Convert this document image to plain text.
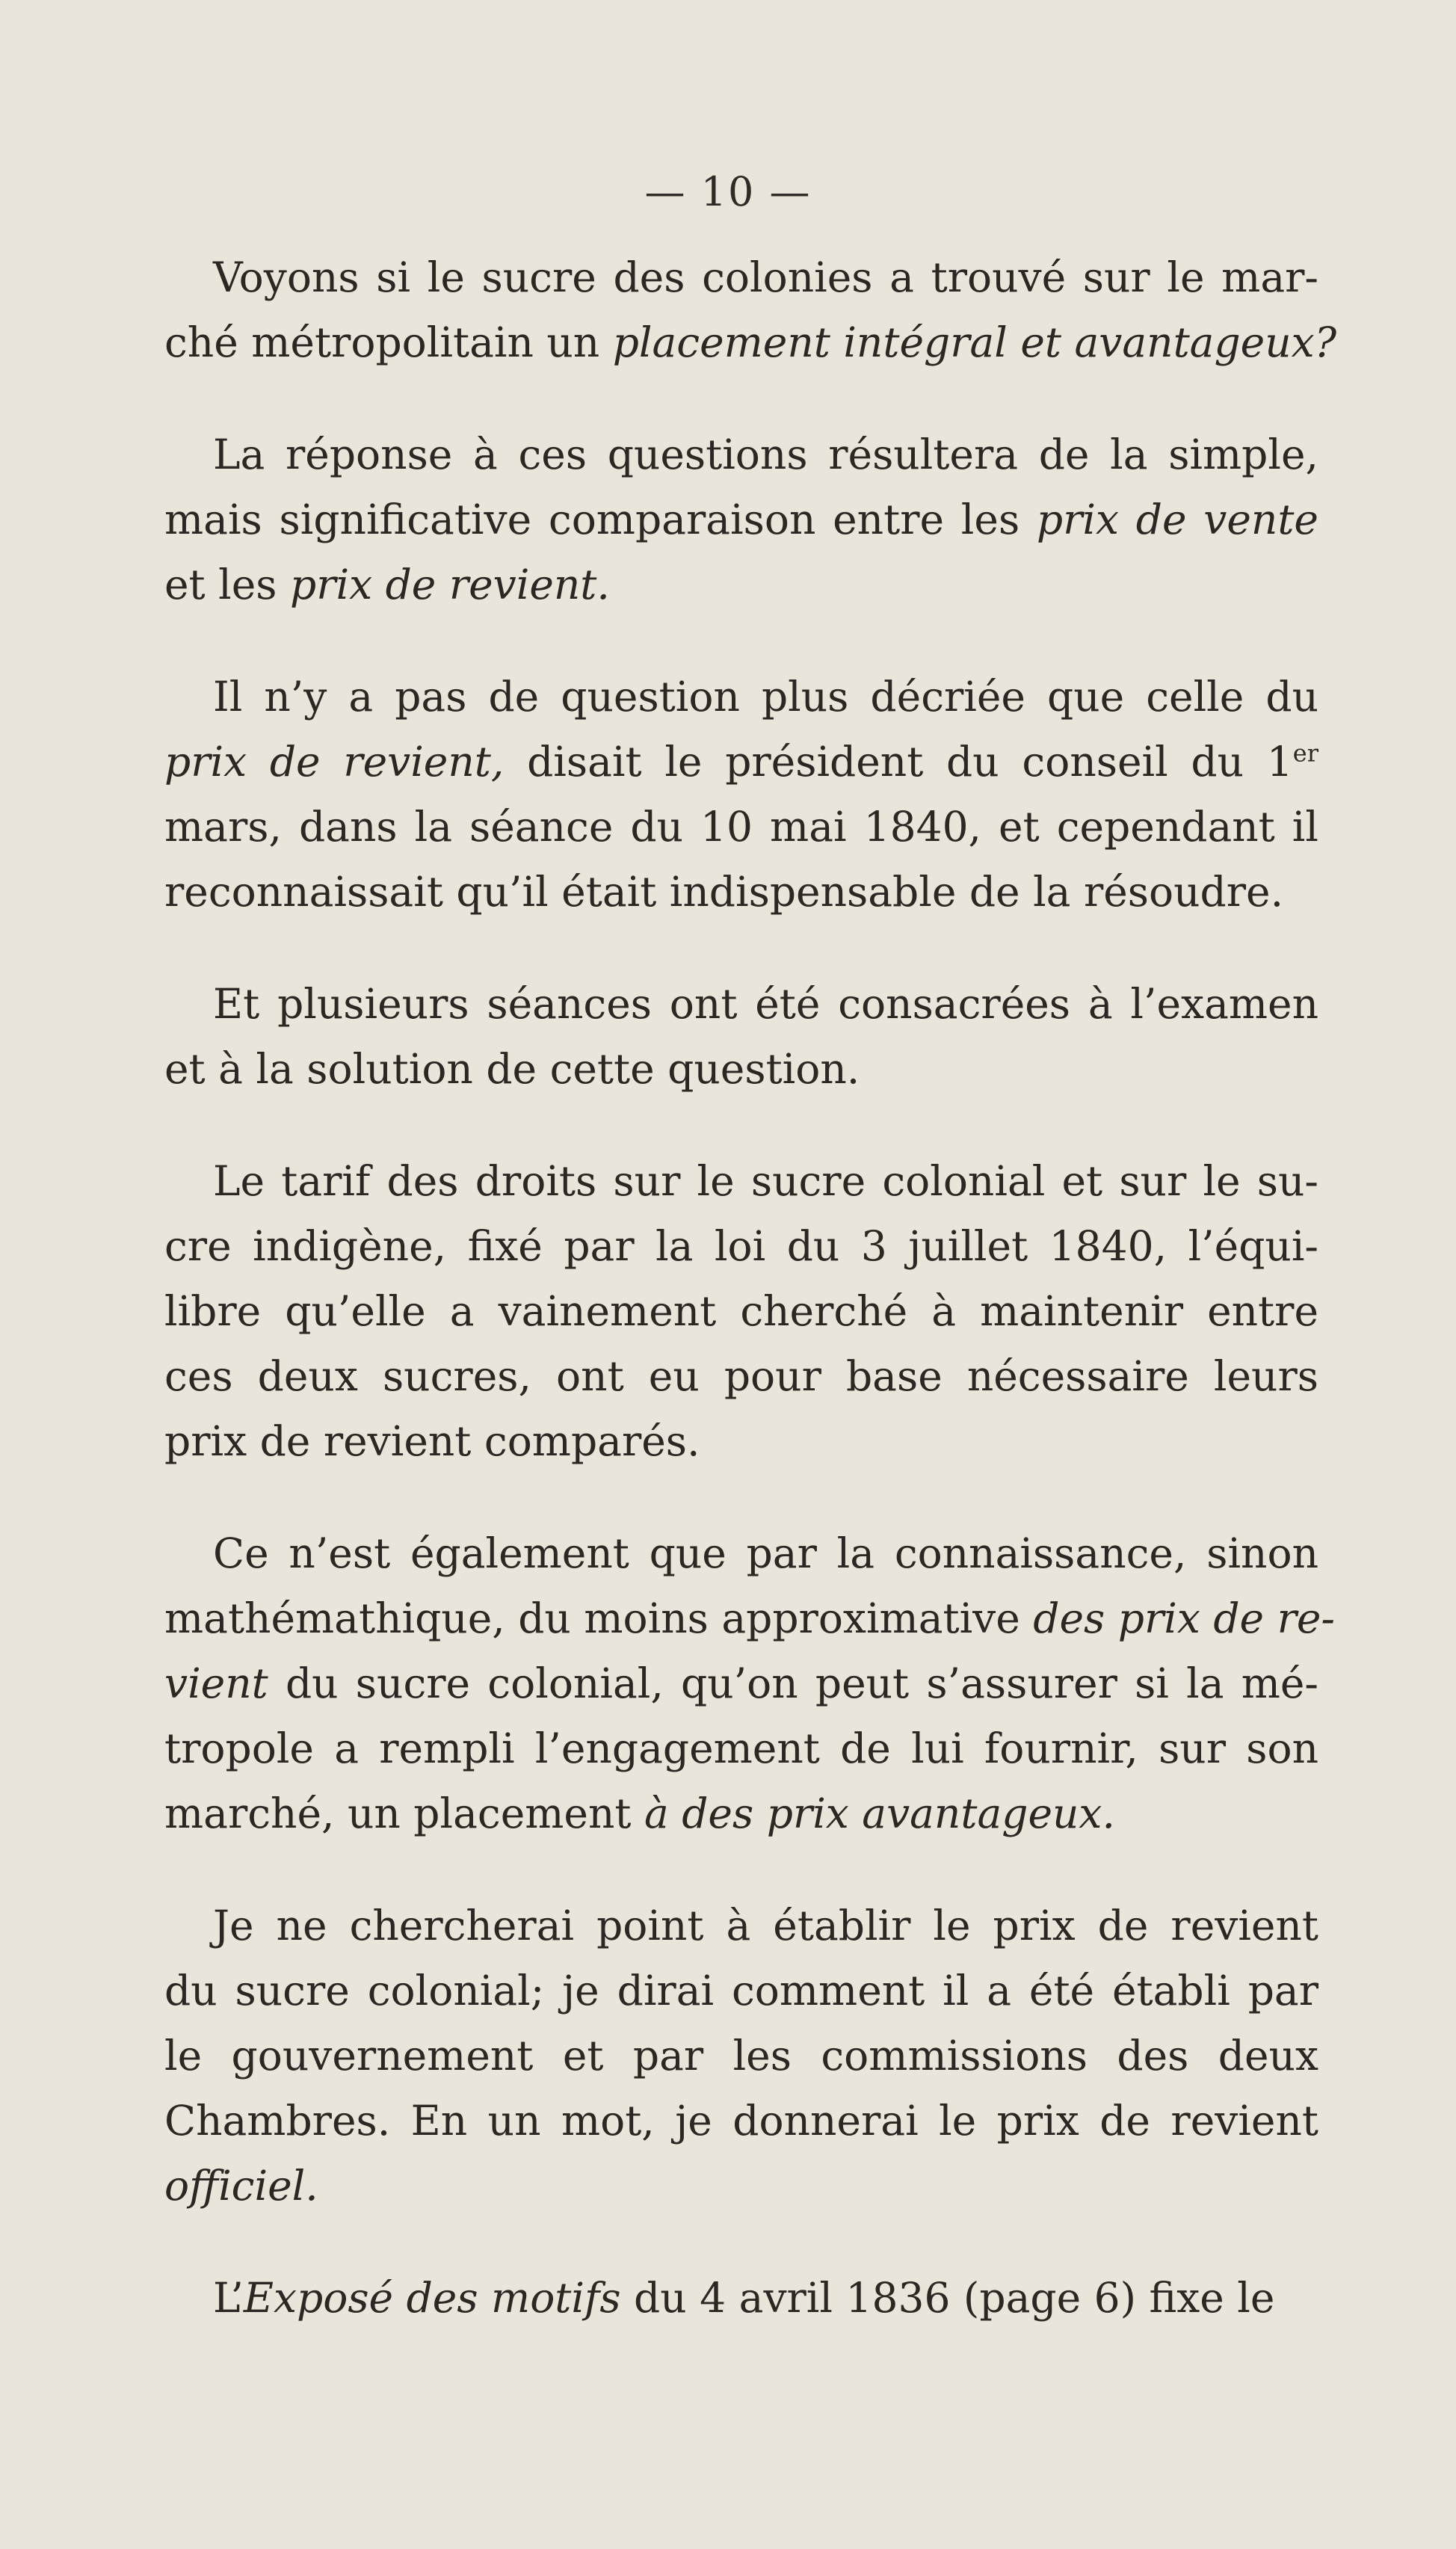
— 10 —

Voyons si le sucre des colonies a trouvé sur le mar-
ché métropolitain un placement intégral et avantageux?

La réponse à ces questions résultera de la simple,
mais significative comparaison entre les prix de vente
et les prix de revient.

Il n’y a pas de question plus décriée que celle du
prix de revient, disait le président du conseil du 1er
mars, dans la séance du 10 mai 1840, et cependant il
reconnaissait qu’il était indispensable de la résoudre.

Et plusieurs séances ont été consacrées à l’examen
et à la solution de cette question.

Le tarif des droits sur le sucre colonial et sur le su-
cre indigène, fixé par la loi du 3 juillet 1840, l’équi-
libre qu’elle a vainement cherché à maintenir entre
ces deux sucres, ont eu pour base nécessaire leurs
prix de revient comparés.

Ce n’est également que par la connaissance, sinon
mathémathique, du moins approximative des prix de re-
vient du sucre colonial, qu’on peut s’assurer si la mé-
tropole a rempli l’engagement de lui fournir, sur son
marché, un placement à des prix avantageux.

Je ne chercherai point à établir le prix de revient
du sucre colonial; je dirai comment il a été établi par
le gouvernement et par les commissions des deux
Chambres. En un mot, je donnerai le prix de revient
officiel.

L’Exposé des motifs du 4 avril 1836 (page 6) fixe le
